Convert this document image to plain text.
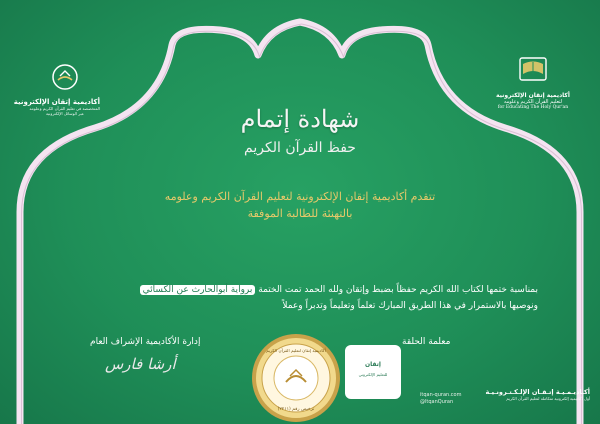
أكاديمية إتقان الإلكترونية
المتخصصة في تعليم القرآن الكريم وعلومه
عبر الوسائل الإلكترونية
أكاديمية إتقان الإلكترونية
لتعليم القرآن الكريم وعلومه
for Educating The Holy Qur'an
شهادة إتمام
حفظ القرآن الكريم
تتقدم أكاديمية إتقان الإلكترونية لتعليم القرآن الكريم وعلومه
بالتهنئة للطالبة الموفقة
بمناسبة ختمها لكتاب الله الكريم حفظاً بضبط وإتقان ولله الحمد تمت الختمة برواية أبوالحارث عن الكسائي
ونوصيها بالاستمرار في هذا الطريق المبارك تعلماً وتعليماً وتدبراً وعملاً
إدارة الأكاديمية الإشراف العام
أرشا فارس
معلمة الحلقة
أكاديمية إتقان لتعليم القرآن الكريم
ترخيص رقم (٢٢١١)
إتقان
للتعليم الإلكتروني
itqan-quran.com
@ltqanQuran
أكـاديـمـيـة إتـقـان الإلـكـتـرونـيـة
أول أكاديمية إلكترونية متكاملة لتعليم القرآن الكريم
